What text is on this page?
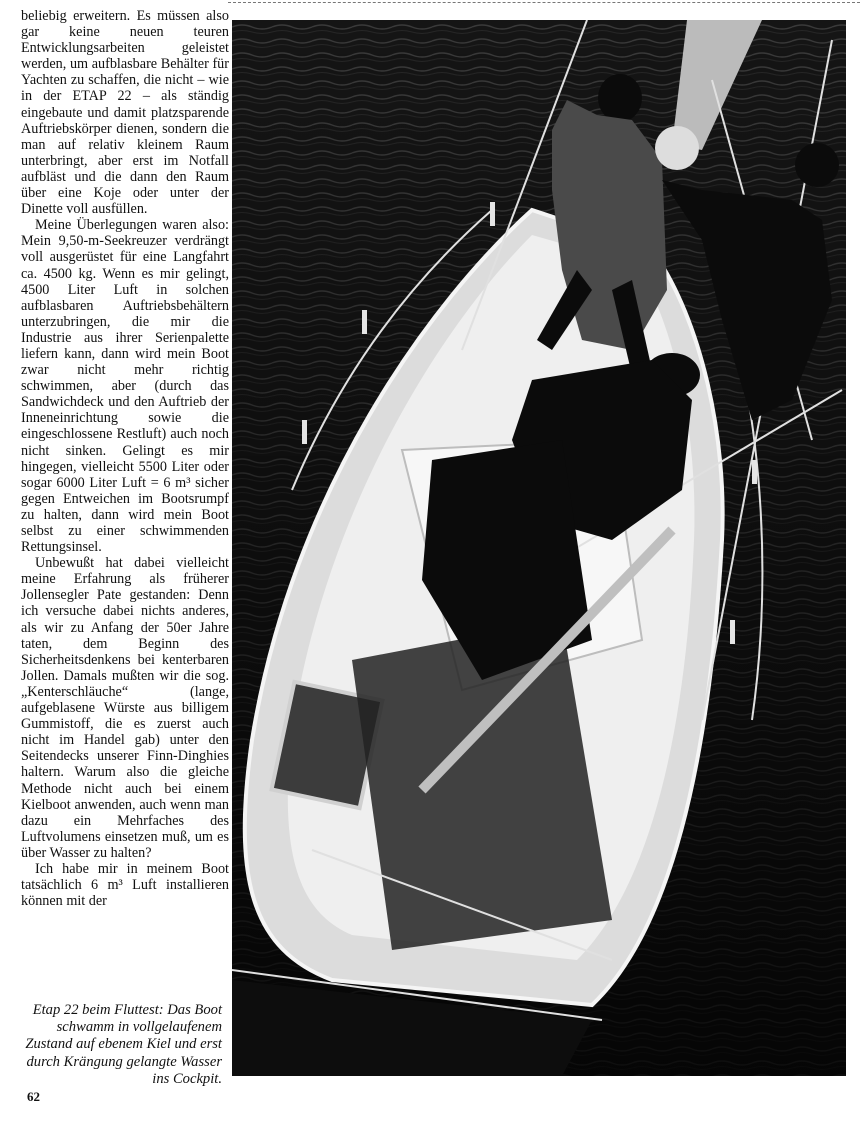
beliebig erweitern. Es müssen also gar keine neuen teuren Entwicklungsarbeiten geleistet werden, um aufblasbare Behälter für Yachten zu schaffen, die nicht – wie in der ETAP 22 – als ständig eingebaute und damit platzsparende Auftriebskörper dienen, sondern die man auf relativ kleinem Raum unterbringt, aber erst im Notfall aufbläst und die dann den Raum über eine Koje oder unter der Dinette voll ausfüllen.

Meine Überlegungen waren also: Mein 9,50-m-Seekreuzer verdrängt voll ausgerüstet für eine Langfahrt ca. 4500 kg. Wenn es mir gelingt, 4500 Liter Luft in solchen aufblasbaren Auftriebsbehältern unterzubringen, die mir die Industrie aus ihrer Serienpalette liefern kann, dann wird mein Boot zwar nicht mehr richtig schwimmen, aber (durch das Sandwichdeck und den Auftrieb der Inneneinrichtung sowie die eingeschlossene Restluft) auch noch nicht sinken. Gelingt es mir hingegen, vielleicht 5500 Liter oder sogar 6000 Liter Luft = 6 m³ sicher gegen Entweichen im Bootsrumpf zu halten, dann wird mein Boot selbst zu einer schwimmenden Rettungsinsel.

Unbewußt hat dabei vielleicht meine Erfahrung als früherer Jollensegler Pate gestanden: Denn ich versuche dabei nichts anderes, als wir zu Anfang der 50er Jahre taten, dem Beginn des Sicherheitsdenkens bei kenterbaren Jollen. Damals mußten wir die sog. „Kenterschläuche“ (lange, aufgeblasene Würste aus billigem Gummistoff, die es zuerst auch nicht im Handel gab) unter den Seitendecks unserer Finn-Dinghies haltern. Warum also die gleiche Methode nicht auch bei einem Kielboot anwenden, auch wenn man dazu ein Mehrfaches des Luftvolumens einsetzen muß, um es über Wasser zu halten?

Ich habe mir in meinem Boot tatsächlich 6 m³ Luft installieren können mit der

Etap 22 beim Fluttest: Das Boot schwamm in vollgelaufenem Zustand auf ebenem Kiel und erst durch Krängung gelangte Wasser ins Cockpit.
62
